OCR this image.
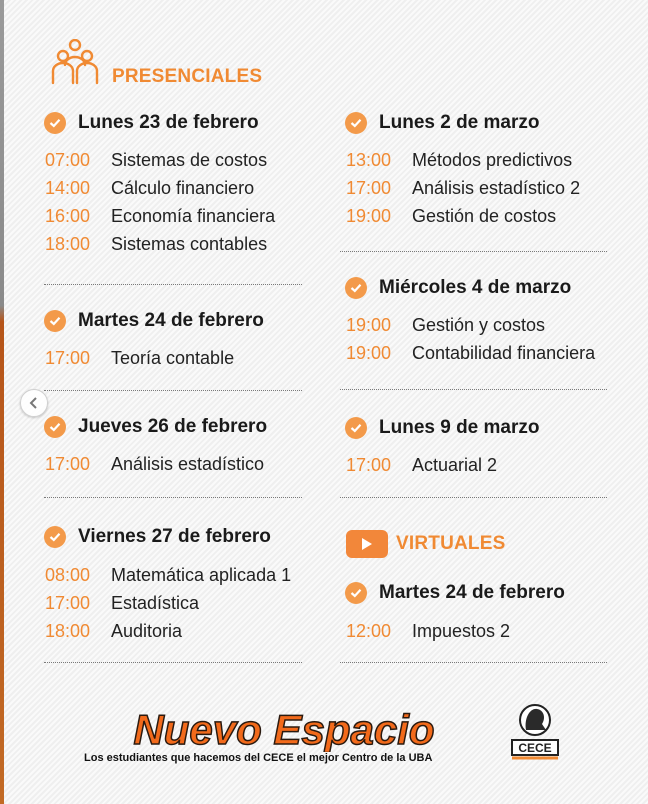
PRESENCIALES
Lunes 23 de febrero
07:00	Sistemas de costos
14:00	Cálculo financiero
16:00	Economía financiera
18:00	Sistemas contables
Martes 24 de febrero
17:00	Teoría contable
Jueves 26 de febrero
17:00	Análisis estadístico
Viernes 27 de febrero
08:00	Matemática aplicada 1
17:00	Estadística
18:00	Auditoria
Lunes 2 de marzo
13:00	Métodos predictivos
17:00	Análisis estadístico 2
19:00	Gestión de costos
Miércoles 4 de marzo
19:00	Gestión y costos
19:00	Contabilidad financiera
Lunes 9 de marzo
17:00	Actuarial 2
VIRTUALES
Martes 24 de febrero
12:00	Impuestos 2
Nuevo Espacio
Los estudiantes que hacemos del CECE el mejor Centro de la UBA
CECE
